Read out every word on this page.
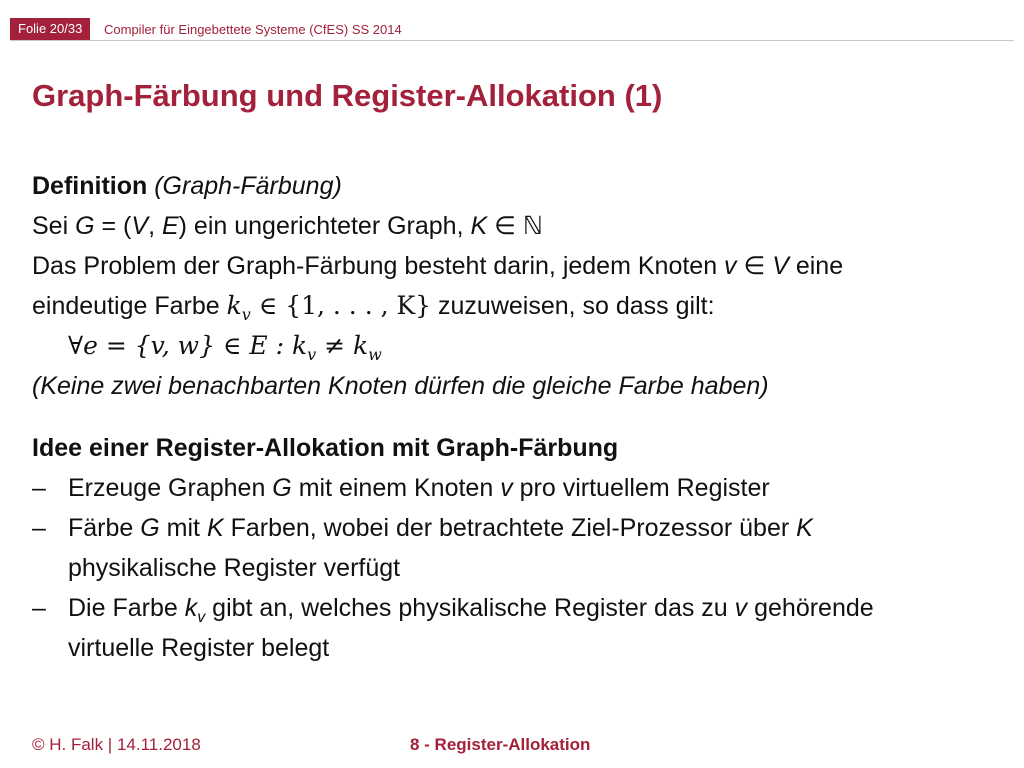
Folie 20/33	Compiler für Eingebettete Systeme (CfES) SS 2014
Graph-Färbung und Register-Allokation (1)
Definition (Graph-Färbung)
Sei G = (V, E) ein ungerichteter Graph, K ∈ ℕ
Das Problem der Graph-Färbung besteht darin, jedem Knoten v ∈ V eine
eindeutige Farbe $k_v$ ∈ {1, . . . , K} zuzuweisen, so dass gilt:
∀e = {v, w} ∈ E : $k_v \ne k_w$
(Keine zwei benachbarten Knoten dürfen die gleiche Farbe haben)
Idee einer Register-Allokation mit Graph-Färbung
– Erzeuge Graphen G mit einem Knoten v pro virtuellem Register
– Färbe G mit K Farben, wobei der betrachtete Ziel-Prozessor über K
physikalische Register verfügt
– Die Farbe $k_v$ gibt an, welches physikalische Register das zu v gehörende
virtuelle Register belegt
© H. Falk | 14.11.2018	8 - Register-Allokation
